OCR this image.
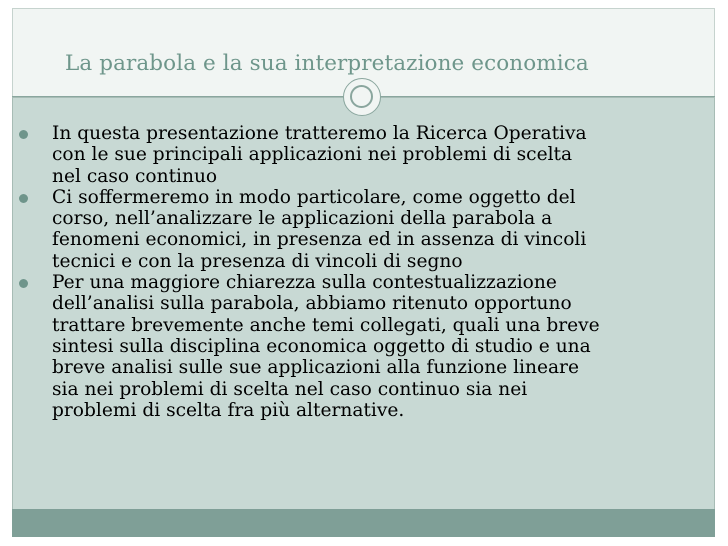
La parabola e la sua interpretazione economica
In questa presentazione tratteremo la Ricerca Operativa
con le sue principali applicazioni nei problemi di scelta
nel caso continuo
Ci soffermeremo in modo particolare, come oggetto del
corso, nell’analizzare le applicazioni della parabola a
fenomeni economici, in presenza ed in assenza di vincoli
tecnici e con la presenza di vincoli di segno
Per una maggiore chiarezza sulla contestualizzazione
dell’analisi sulla parabola, abbiamo ritenuto opportuno
trattare brevemente anche temi collegati, quali una breve
sintesi sulla disciplina economica oggetto di studio e una
breve analisi sulle sue applicazioni alla funzione lineare
sia nei problemi di scelta nel caso continuo sia nei
problemi di scelta fra più alternative.
